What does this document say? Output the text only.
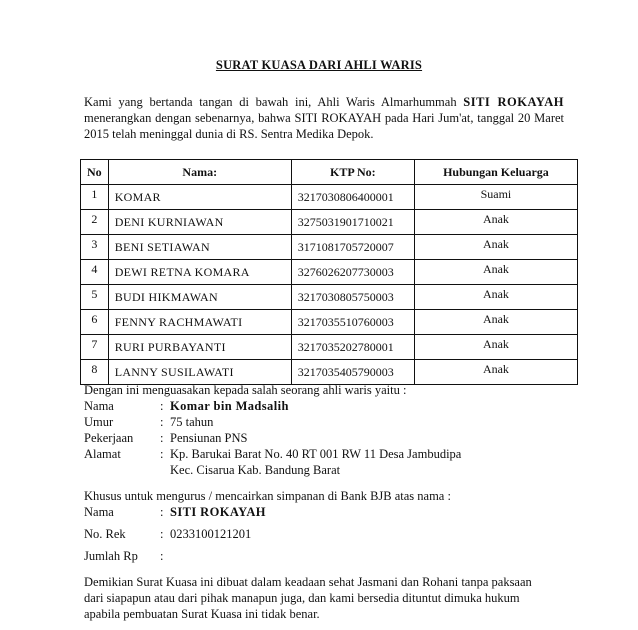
SURAT KUASA DARI AHLI WARIS
Kami yang bertanda tangan di bawah ini, Ahli Waris Almarhummah SITI ROKAYAH menerangkan dengan sebenarnya, bahwa SITI ROKAYAH pada Hari Jum'at, tanggal 20 Maret 2015 telah meninggal dunia di RS. Sentra Medika Depok.
No	Nama:	KTP No:	Hubungan Keluarga
1	KOMAR	3217030806400001	Suami
2	DENI KURNIAWAN	3275031901710021	Anak
3	BENI SETIAWAN	3171081705720007	Anak
4	DEWI RETNA KOMARA	3276026207730003	Anak
5	BUDI HIKMAWAN	3217030805750003	Anak
6	FENNY RACHMAWATI	3217035510760003	Anak
7	RURI PURBAYANTI	3217035202780001	Anak
8	LANNY SUSILAWATI	3217035405790003	Anak
Dengan ini menguasakan kepada salah seorang ahli waris yaitu :
Nama	: Komar bin Madsalih
Umur	: 75 tahun
Pekerjaan	: Pensiunan PNS
Alamat	: Kp. Barukai Barat No. 40 RT 001 RW 11 Desa Jambudipa
Kec. Cisarua Kab. Bandung Barat
Khusus untuk mengurus / mencairkan simpanan di Bank BJB atas nama :
Nama	: SITI ROKAYAH
No. Rek	: 0233100121201
Jumlah Rp	:
Demikian Surat Kuasa ini dibuat dalam keadaan sehat Jasmani dan Rohani tanpa paksaan dari siapapun atau dari pihak manapun juga, dan kami bersedia dituntut dimuka hukum apabila pembuatan Surat Kuasa ini tidak benar.
